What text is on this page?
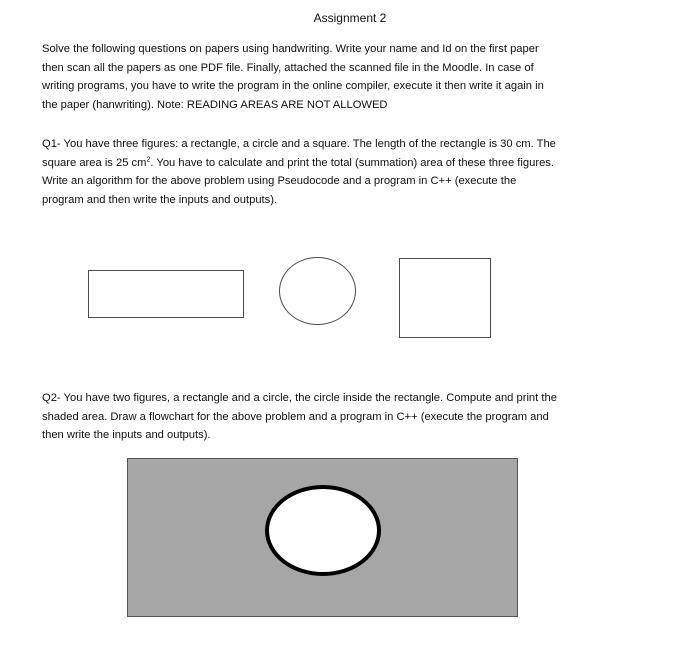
Assignment 2

Solve the following questions on papers using handwriting. Write your name and Id on the first paper
then scan all the papers as one PDF file. Finally, attached the scanned file in the Moodle. In case of
writing programs, you have to write the program in the online compiler, execute it then write it again in
the paper (hanwriting). Note: READING AREAS ARE NOT ALLOWED

Q1- You have three figures: a rectangle, a circle and a square. The length of the rectangle is 30 cm. The
square area is 25 $cm^2$. You have to calculate and print the total (summation) area of these three figures.
Write an algorithm for the above problem using Pseudocode and a program in C++ (execute the
program and then write the inputs and outputs).

Q2- You have two figures, a rectangle and a circle, the circle inside the rectangle. Compute and print the
shaded area. Draw a flowchart for the above problem and a program in C++ (execute the program and
then write the inputs and outputs).
